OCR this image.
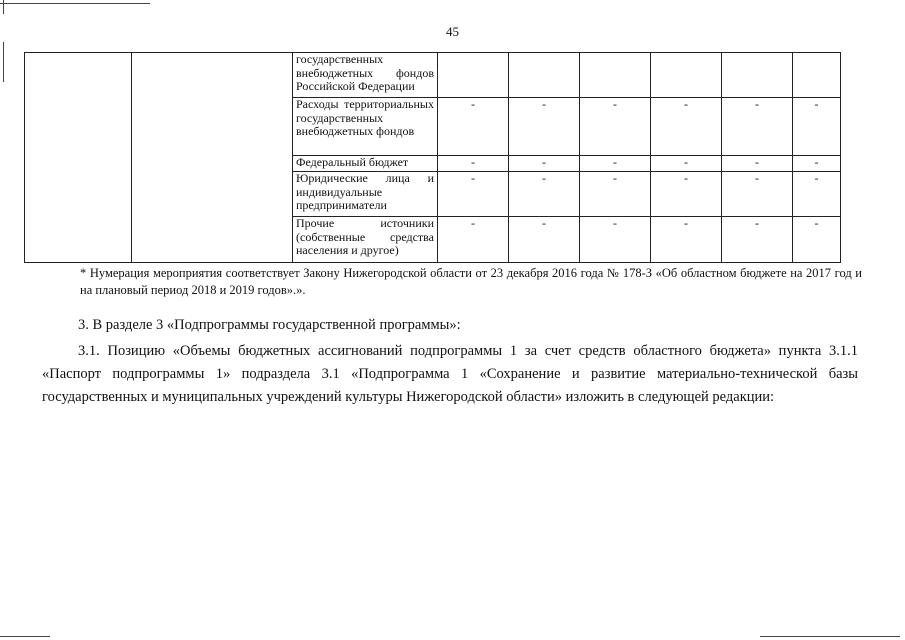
45
		государственных внебюджетных фондов Российской Федерации						
		Расходы территориальных государственных внебюджетных фондов	-	-	-	-	-	-
		Федеральный бюджет	-	-	-	-	-	-
		Юридические лица и индивидуальные предприниматели	-	-	-	-	-	-
		Прочие источники (собственные средства населения и другое)	-	-	-	-	-	-
* Нумерация мероприятия соответствует Закону Нижегородской области от 23 декабря 2016 года № 178-З «Об областном бюджете на 2017 год и на плановый период 2018 и 2019 годов».».
3. В разделе 3 «Подпрограммы государственной программы»:
3.1. Позицию «Объемы бюджетных ассигнований подпрограммы 1 за счет средств областного бюджета» пункта 3.1.1 «Паспорт подпрограммы 1» подраздела 3.1 «Подпрограмма 1 «Сохранение и развитие материально-технической базы государственных и муниципальных учреждений культуры Нижегородской области» изложить в следующей редакции:
